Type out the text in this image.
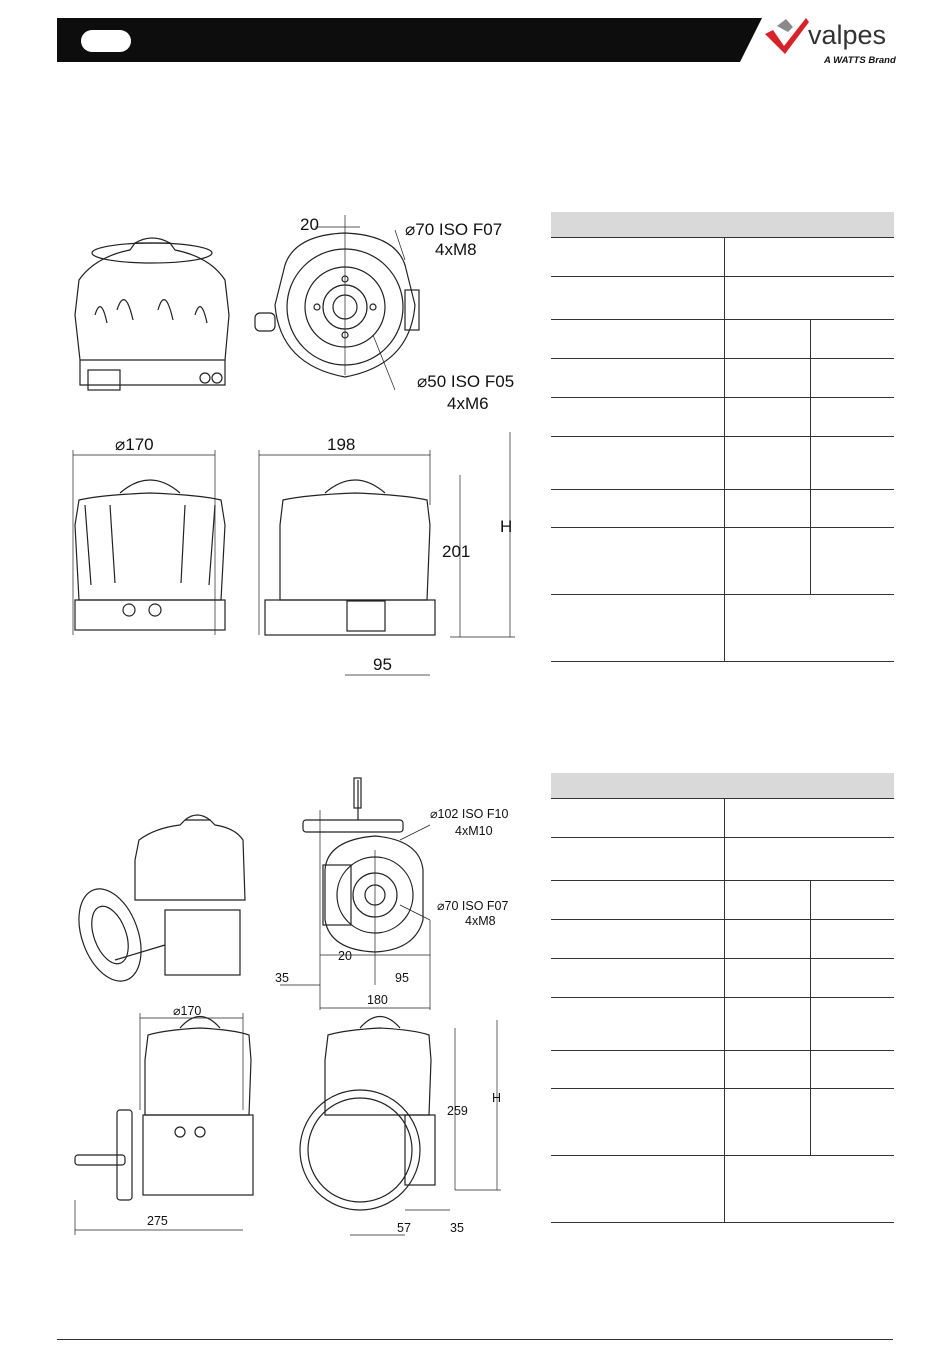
valpes
A WATTS Brand
20	⌀70 ISO F07
4xM8
⌀50 ISO F05
4xM6
⌀170	198
201
H
95
⌀102 ISO F10
4xM10
⌀70 ISO F07
4xM8
35
20
95
180
⌀170
275
259
H
57	35
